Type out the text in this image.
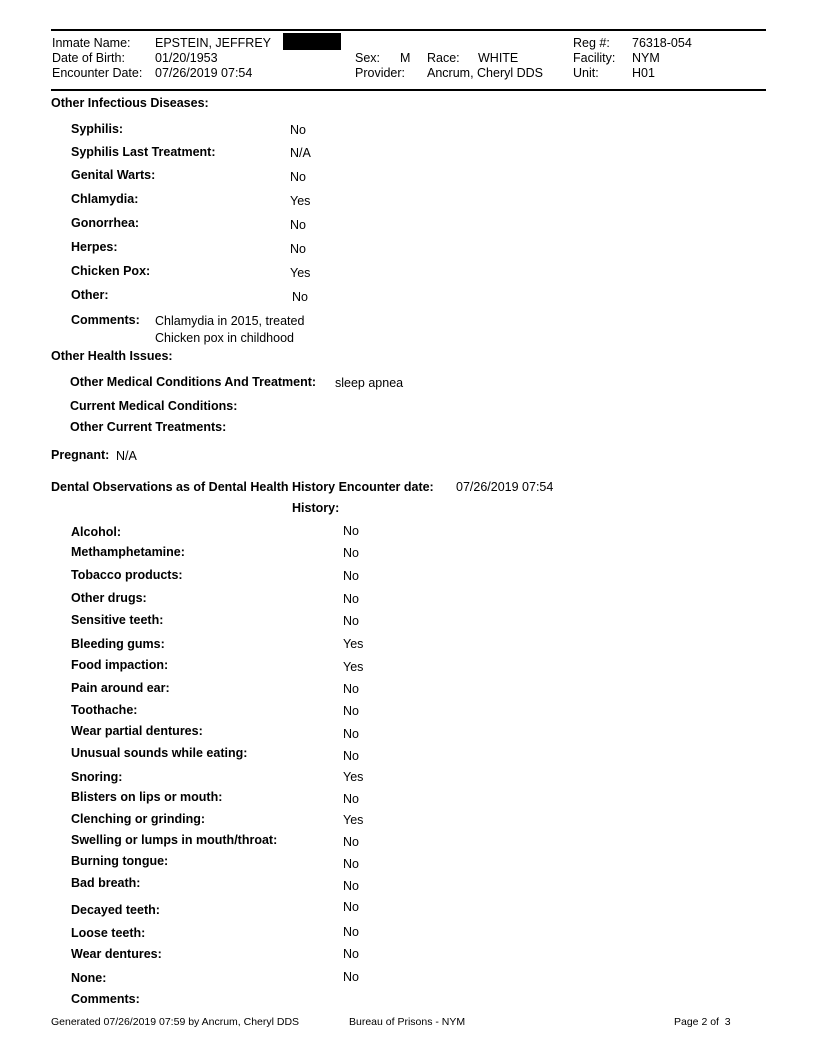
Inmate Name: EPSTEIN, JEFFREY
Date of Birth: 01/20/1953
Encounter Date: 07/26/2019 07:54
Sex: M Race: WHITE
Provider: Ancrum, Cheryl DDS
Reg #: 76318-054
Facility: NYM
Unit:	H01
Other Infectious Diseases:
Syphilis:	No
Syphilis Last Treatment:	N/A
Genital Warts:	No
Chlamydia:	Yes
Gonorrhea:	No
Herpes:	No
Chicken Pox:	Yes
Other:	No
Comments: Chlamydia in 2015, treated
Chicken pox in childhood
Other Health Issues:
Other Medical Conditions And Treatment: sleep apnea
Current Medical Conditions:
Other Current Treatments:
Pregnant: N/A
Dental Observations as of Dental Health History Encounter date: 07/26/2019 07:54
History:
Alcohol:	No
Methamphetamine:	No
Tobacco products:	No
Other drugs:	No
Sensitive teeth:	No
Bleeding gums:	Yes
Food impaction:	Yes
Pain around ear:	No
Toothache:	No
Wear partial dentures:	No
Unusual sounds while eating:	No
Snoring:	Yes
Blisters on lips or mouth:	No
Clenching or grinding:	Yes
Swelling or lumps in mouth/throat:	No
Burning tongue:	No
Bad breath:	No
Decayed teeth:	No
Loose teeth:	No
Wear dentures:	No
None:	No
Comments:
Generated 07/26/2019 07:59 by Ancrum, Cheryl DDS	Bureau of Prisons - NYM	Page 2 of  3
